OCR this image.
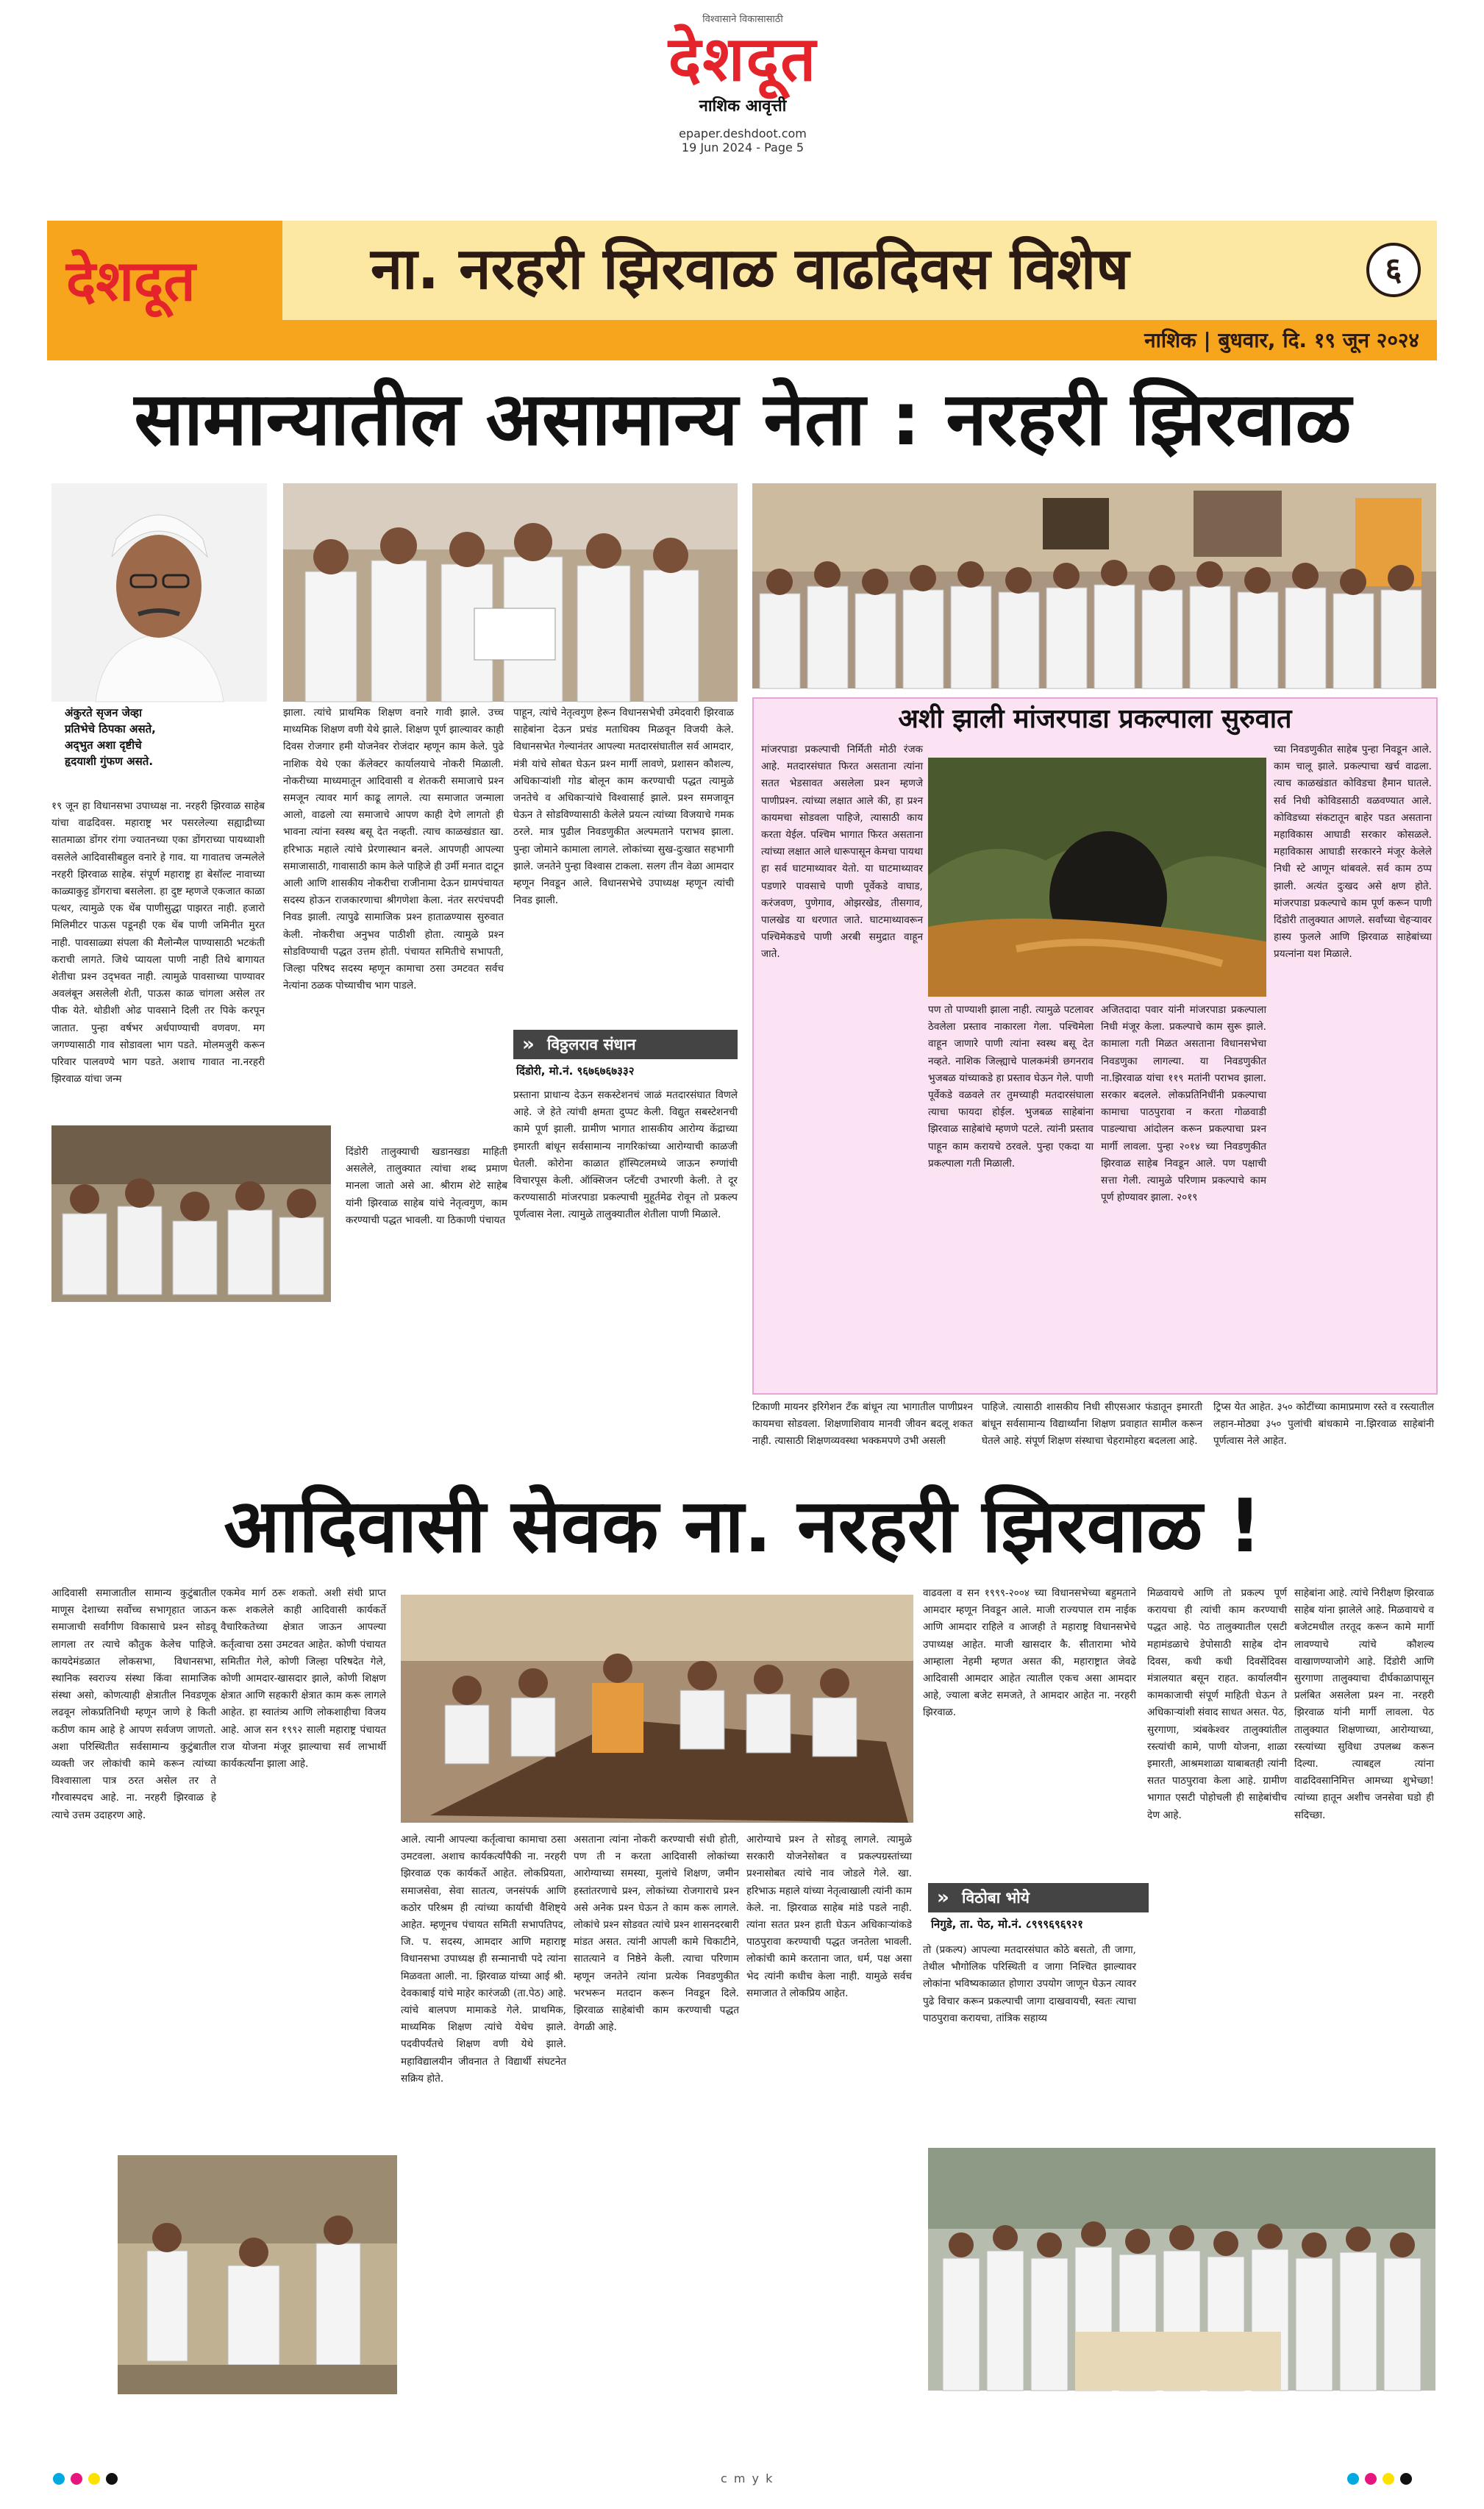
विश्वासाने विकासासाठी
देशदूत
नाशिक आवृत्ती
epaper.deshdoot.com
19 Jun 2024 - Page 5
देशदूत	ना. नरहरी झिरवाळ वाढदिवस विशेष	६
नाशिक | बुधवार, दि. १९ जून २०२४
सामान्यातील असामान्य नेता : नरहरी झिरवाळ
अंकुरते सृजन जेव्हा
प्रतिभेचे ठिपका असते,
अद्‌भुत अशा दृष्टीचे
हृदयाशी गुंफण असते.

१९ जून हा विधानसभा उपाध्यक्ष ना. नरहरी झिरवाळ साहेब यांचा वाढदिवस. महाराष्ट्र भर पसरलेल्या सह्याद्रीच्या सातमाळा डोंगर रांगा ज्यातनच्या एका डोंगराच्या पायथ्याशी वसलेले आदिवासीबहुल वनारे हे गाव. या गावातच जन्मलेले नरहरी झिरवाळ साहेब. संपूर्ण महाराष्ट्र हा बेसॉल्ट नावाच्या काळ्याकुट्ट डोंगराचा बसलेला. हा दुष्ट म्हणजे एकजात काळा पत्थर, त्यामुळे एक थेंब पाणीसुद्धा पाझरत नाही. हजारो मिलिमीटर पाऊस पडूनही एक थेंब पाणी जमिनीत मुरत नाही. पावसाळ्या संपला की मैलोन्मैल पाण्यासाठी भटकंती कराची लागते. जिथे प्यायला पाणी नाही तिथे बागायत शेतीचा प्रश्‍न उद्‌भवत नाही. त्यामुळे पावसाच्या पाण्यावर अवलंबून असलेली शेती, पाऊस काळ चांगला असेल तर पीक येते. थोडीशी ओढ पावसाने दिली तर पिके करपून जातात. पुन्हा वर्षभर अर्धपाण्याची वणवण. मग जगण्यासाठी गाव सोडावला भाग पडते. मोलमजुरी करून परिवार पालवण्ये भाग पडते. अशाच गावात ना.नरहरी झिरवाळ यांचा जन्म

झाला. त्यांचे प्राथमिक शिक्षण वनारे गावी झाले. उच्च माध्यमिक शिक्षण वणी येथे झाले. शिक्षण पूर्ण झाल्यावर काही दिवस रोजगार हमी योजनेवर रोजंदार म्हणून काम केले. पुढे नाशिक येथे एका कॅलेक्टर कार्यालयाचे नोकरी मिळाली. नोकरीच्या माध्यमातून आदिवासी व शेतकरी समाजाचे प्रश्‍न समजून त्यावर मार्ग काढू लागले. त्या समाजात जन्माला आलो, वाढलो त्या समाजाचे आपण काही देणे लागतो ही भावना त्यांना स्वस्थ बसू देत नव्हती. त्याच काळखंडात खा. हरिभाऊ महाले त्यांचे प्रेरणास्थान बनले. आपणही आपल्या समाजासाठी, गावासाठी काम केले पाहिजे ही उर्मी मनात दाटून आली आणि शासकीय नोकरीचा राजीनामा देऊन ग्रामपंचायत सदस्य होऊन राजकारणाचा श्रीगणेशा केला. नंतर सरपंचपदी निवड झाली. त्यापुढे सामाजिक प्रश्‍न हाताळण्यास सुरुवात केली. नोकरीचा अनुभव पाठीशी होता. त्यामुळे प्रश्‍न सोडविण्याची पद्धत उत्तम होती. पंचायत समितीचे सभापती, जिल्हा परिषद सदस्य म्हणून कामाचा ठसा उमटवत सर्वच नेत्यांना ठळक पोच्याचीच भाग पाडले.

पाहून, त्यांचे नेतृत्वगुण हेरून विधानसभेची उमेदवारी झिरवाळ साहेबांना देऊन प्रचंड मताधिक्य मिळवून विजयी केले. विधानसभेत गेल्यानंतर आपल्या मतदारसंघातील सर्व आमदार, मंत्री यांचे सोबत घेऊन प्रश्‍न मार्गी लावणे, प्रशासन कौशल्य, अधिकाऱ्यांशी गोड बोलून काम करण्याची पद्धत त्यामुळे जनतेचे व अधिकाऱ्यांचे विश्वासार्ह झाले. प्रश्‍न समजावून घेऊन ते सोडविण्यासाठी केलेले प्रयत्न त्यांच्या विजयाचे गमक ठरले. मात्र पुढील निवडणुकीत अल्पमताने पराभव झाला. पुन्हा जोमाने कामाला लागले. लोकांच्या सुख-दुःखात सहभागी झाले. जनतेने पुन्हा विश्वास टाकला. सलग तीन वेळा आमदार म्हणून निवडून आले. विधानसभेचे उपाध्यक्ष म्हणून त्यांची निवड झाली.

» विठ्ठलराव संधान
दिंडोरी, मो.नं. ९६७६७६७३३२

प्रस्ताना प्राधान्य देऊन सकस्टेशनचं जाळं मतदारसंघात विणले आहे. जे हेते त्यांची क्षमता दुप्पट केली. विद्युत सबस्टेशनची कामे पूर्ण झाली. ग्रामीण भागात शासकीय आरोग्य केंद्राच्या इमारती बांधून सर्वसामान्य नागरिकांच्या आरोग्याची काळजी घेतली. कोरोना काळात हॉस्पिटलमध्ये जाऊन रुग्णांची विचारपूस केली. ऑक्सिजन प्लॅंटची उभारणी केली. ते दूर करण्यासाठी मांजरपाडा प्रकल्पाची मुहूर्तमेढ रोवून तो प्रकल्प पूर्णत्वास नेला. त्यामुळे तालुक्यातील शेतीला पाणी मिळाले.

दिंडोरी तालुक्याची खडानखडा माहिती असलेले, तालुक्यात त्यांचा शब्द प्रमाण मानला जातो असे आ. श्रीराम शेटे साहेब यांनी झिरवाळ साहेब यांचे नेतृत्वगुण, काम करण्याची पद्धत भावली. या ठिकाणी पंचायत

अशी झाली मांजरपाडा प्रकल्पाला सुरुवात

मांजरपाडा प्रकल्पाची निर्मिती मोठी रंजक आहे. मतदारसंघात फिरत असताना त्यांना सतत भेडसावत असलेला प्रश्‍न म्हणजे पाणीप्रश्‍न. त्यांच्या लक्षात आले की, हा प्रश्‍न कायमचा सोडवला पाहिजे, त्यासाठी काय करता येईल. पश्चिम भागात फिरत असताना त्यांच्या लक्षात आले धारूपासून केमचा पायथा हा सर्व घाटमाथ्यावर येतो. या घाटमाथ्यावर पडणारे पावसाचे पाणी पूर्वेकडे वाघाड, करंजवण, पुणेगाव, ओझरखेड, तीसगाव, पालखेड या धरणात जाते. घाटमाथ्यावरून पश्चिमेकडचे पाणी अरबी समुद्रात वाहून जाते.

पण तो पाण्याशी झाला नाही. त्यामुळे पटलावर ठेवलेला प्रस्ताव नाकारला गेला. पश्चिमेला वाहून जाणारे पाणी त्यांना स्वस्थ बसू देत नव्हते. नाशिक जिल्ह्याचे पालकमंत्री छगनराव भुजबळ यांच्याकडे हा प्रस्ताव घेऊन गेले. पाणी पूर्वेकडे वळवले तर तुमच्याही मतदारसंघाला त्याचा फायदा होईल. भुजबळ साहेबांना झिरवाळ साहेबांचे म्हणणे पटले. त्यांनी प्रस्ताव पाहून काम करायचे ठरवले. पुन्हा एकदा या प्रकल्पाला गती मिळाली.

अजितदादा पवार यांनी मांजरपाडा प्रकल्पाला निधी मंजूर केला. प्रकल्पाचे काम सुरू झाले. कामाला गती मिळत असताना विधानसभेचा निवडणुका लागल्या. या निवडणुकीत ना.झिरवाळ यांचा ११९ मतांनी पराभव झाला. सरकार बदलले. लोकप्रतिनिधींनी प्रकल्पाचा कामाचा पाठपुरावा न करता गोळवाडी पाडल्याचा आंदोलन करून प्रकल्पाचा प्रश्‍न मार्गी लावला. पुन्हा २०१४ च्या निवडणुकीत झिरवाळ साहेब निवडून आले. पण पक्षाची सत्ता गेली. त्यामुळे परिणाम प्रकल्पाचे काम पूर्ण होण्यावर झाला. २०१९

च्या निवडणुकीत साहेब पुन्हा निवडून आले. काम चालू झाले. प्रकल्पाचा खर्च वाढला. त्याच काळखंडात कोविडचा हैमान घातले. सर्व निधी कोविडसाठी वळवण्यात आले. कोविडच्या संकटातून बाहेर पडत असताना महाविकास आघाडी सरकार कोसळले. महाविकास आघाडी सरकारने मंजूर केलेले निधी स्टे आणून थांबवले. सर्व काम ठप्प झाली. अत्यंत दुःखद असे क्षण होते. मांजरपाडा प्रकल्पाचे काम पूर्ण करून पाणी दिंडोरी तालुक्यात आणले. सर्वांच्या चेहऱ्यावर हास्य फुलले आणि झिरवाळ साहेबांच्या प्रयत्नांना यश मिळाले.

टिकाणी मायनर इरिगेशन टँक बांधून त्या भागातील पाणीप्रश्‍न कायमचा सोडवला. शिक्षणाशिवाय मानवी जीवन बदलू शकत नाही. त्यासाठी शिक्षणव्यवस्था भक्कमपणे उभी असली

पाहिजे. त्यासाठी शासकीय निधी सीएसआर फंडातून इमारती बांधून सर्वसामान्य विद्यार्थ्यांना शिक्षण प्रवाहात सामील करून घेतले आहे. संपूर्ण शिक्षण संस्थाचा चेहरामोहरा बदलला आहे.

ट्रिप्स येत आहेत. ३५० कोटींच्या कामाप्रमाण रस्ते व रस्त्यातील लहान-मोठ्या ३५० पुलांची बांधकामे ना.झिरवाळ साहेबांनी पूर्णत्वास नेले आहेत.

आदिवासी सेवक ना. नरहरी झिरवाळ !

आदिवासी समाजातील सामान्य कुटुंबातील माणूस देशाच्या सर्वोच्च सभागृहात जाऊन समाजाची सर्वांगीण विकासाचे प्रश्‍न सोडवू लागला तर त्याचे कौतुक केलेच पाहिजे. कायदेमंडळात लोकसभा, विधानसभा, स्थानिक स्वराज्य संस्था किंवा सामाजिक संस्था असो, कोणत्याही क्षेत्रातील निवडणूक लढवून लोकप्रतिनिधी म्हणून जाणे हे किती कठीण काम आहे हे आपण सर्वजण जाणतो. अशा परिस्थितीत सर्वसामान्य कुटुंबातील व्यक्ती जर लोकांची कामे करून त्यांच्या विश्वासाला पात्र ठरत असेल तर ते गौरवास्पदच आहे. ना. नरहरी झिरवाळ हे त्याचे उत्तम उदाहरण आहे.

एकमेव मार्ग ठरू शकतो. अशी संधी प्राप्त करू शकलेले काही आदिवासी कार्यकर्ते वैचारिकतेच्या क्षेत्रात जाऊन आपल्या कर्तृत्वाचा ठसा उमटवत आहेत. कोणी पंचायत समितीत गेले, कोणी जिल्हा परिषदेत गेले, कोणी आमदार-खासदार झाले, कोणी शिक्षण क्षेत्रात आणि सहकारी क्षेत्रात काम करू लागले आहेत. हा स्वातंत्र्य आणि लोकशाहीचा विजय आहे. आज सन १९९२ साली महाराष्ट्र पंचायत राज योजना मंजूर झाल्याचा सर्व लाभार्थी कार्यकर्त्यांना झाला आहे.

आले. त्यानी आपल्या कर्तृत्वाचा कामाचा ठसा उमटवला. अशाच कार्यकर्त्यांपैकी ना. नरहरी झिरवाळ एक कार्यकर्ते आहेत. लोकप्रियता, समाजसेवा, सेवा सातत्य, जनसंपर्क आणि कठोर परिश्रम ही त्यांच्या कार्याची वैशिष्ट्ये आहेत. म्हणूनच पंचायत समिती सभापतिपद, जि. प. सदस्य, आमदार आणि महाराष्ट्र विधानसभा उपाध्यक्ष ही सन्मानाची पदे त्यांना मिळवता आली. ना. झिरवाळ यांच्या आई श्री. देवकाबाई यांचे माहेर कारंजळी (ता.पेठ) आहे. त्यांचे बालपण मामाकडे गेले. प्राथमिक, माध्यमिक शिक्षण त्यांचे येथेच झाले. पदवीपर्यंतचे शिक्षण वणी येथे झाले. महाविद्यालयीन जीवनात ते विद्यार्थी संघटनेत सक्रिय होते.

असताना त्यांना नोकरी करण्याची संधी होती, पण ती न करता आदिवासी लोकांच्या आरोग्याच्या समस्या, मुलांचे शिक्षण, जमीन हस्तांतरणाचे प्रश्‍न, लोकांच्या रोजगाराचे प्रश्‍न असे अनेक प्रश्‍न घेऊन ते काम करू लागले. लोकांचे प्रश्‍न सोडवत त्यांचे प्रश्‍न शासनदरबारी मांडत असत. त्यांनी आपली कामे चिकाटीने, सातत्याने व निष्ठेने केली. त्याचा परिणाम म्हणून जनतेने त्यांना प्रत्येक निवडणुकीत भरभरून मतदान करून निवडून दिले. झिरवाळ साहेबांची काम करण्याची पद्धत वेगळी आहे.

आरोग्याचे प्रश्‍न ते सोडवू लागले. त्यामुळे सरकारी योजनेसोबत व प्रकल्पग्रस्तांच्या प्रश्‍नासोबत त्यांचे नाव जोडले गेले. खा. हरिभाऊ महाले यांच्या नेतृत्वाखाली त्यांनी काम केले. ना. झिरवाळ साहेब मांडे पडले नाही. त्यांना सतत प्रश्‍न हाती घेऊन अधिकाऱ्यांकडे पाठपुरावा करण्याची पद्धत जनतेला भावली. लोकांची कामे करताना जात, धर्म, पक्ष असा भेद त्यांनी कधीच केला नाही. यामुळे सर्वच समाजात ते लोकप्रिय आहेत.

वाढवला व सन १९९९-२००४ च्या विधानसभेच्या बहुमताने आमदार म्हणून निवडून आले. माजी राज्यपाल राम नाईक आणि आमदार राहिले व आजही ते महाराष्ट्र विधानसभेचे उपाध्यक्ष आहेत. माजी खासदार कै. सीतारामा भोये आम्हाला नेहमी म्हणत असत की, महाराष्ट्रात जेवढे आदिवासी आमदार आहेत त्यातील एकच असा आमदार आहे, ज्याला बजेट समजते, ते आमदार आहेत ना. नरहरी झिरवाळ.

» विठोबा भोये
निगुडे, ता. पेठ, मो.नं. ८९९९६९६९२१

तो (प्रकल्प) आपल्या मतदारसंघात कोठे बसतो, ती जागा, तेथील भौगोलिक परिस्थिती व जागा निश्चित झाल्यावर लोकांना भविष्यकाळात होणारा उपयोग जाणून घेऊन त्यावर पुढे विचार करून प्रकल्पाची जागा दाखवायची, स्वतः त्याचा पाठपुरावा करायचा, तांत्रिक सहाय्य

मिळवायचे आणि तो प्रकल्प पूर्ण करायचा ही त्यांची काम करण्याची पद्धत आहे. पेठ तालुक्यातील एसटी महामंडळाचे डेपोसाठी साहेब दोन दिवस, कधी कधी दिवसेंदिवस मंत्रालयात बसून राहत. कार्यालयीन कामकाजाची संपूर्ण माहिती घेऊन ते अधिकाऱ्यांशी संवाद साधत असत. पेठ, सुरगाणा, त्र्यंबकेश्वर तालुक्यांतील रस्त्यांची कामे, पाणी योजना, शाळा इमारती, आश्रमशाळा याबाबतही त्यांनी सतत पाठपुरावा केला आहे. ग्रामीण भागात एसटी पोहोचली ही साहेबांचीच देण आहे.

साहेबांना आहे. त्यांचे निरीक्षण झिरवाळ साहेब यांना झालेले आहे. मिळवायचे व बजेटमधील तरतूद करून कामे मार्गी लावण्याचे त्यांचे कौशल्य वाखाणण्याजोगे आहे. दिंडोरी आणि सुरगाणा तालुक्याचा दीर्घकाळापासून प्रलंबित असलेला प्रश्‍न ना. नरहरी झिरवाळ यांनी मार्गी लावला. पेठ तालुक्यात शिक्षणाच्या, आरोग्याच्या, रस्त्यांच्या सुविधा उपलब्ध करून दिल्या. त्याबद्दल त्यांना वाढदिवसानिमित्त आमच्या शुभेच्छा! त्यांच्या हातून अशीच जनसेवा घडो ही सदिच्छा.

c m y k
